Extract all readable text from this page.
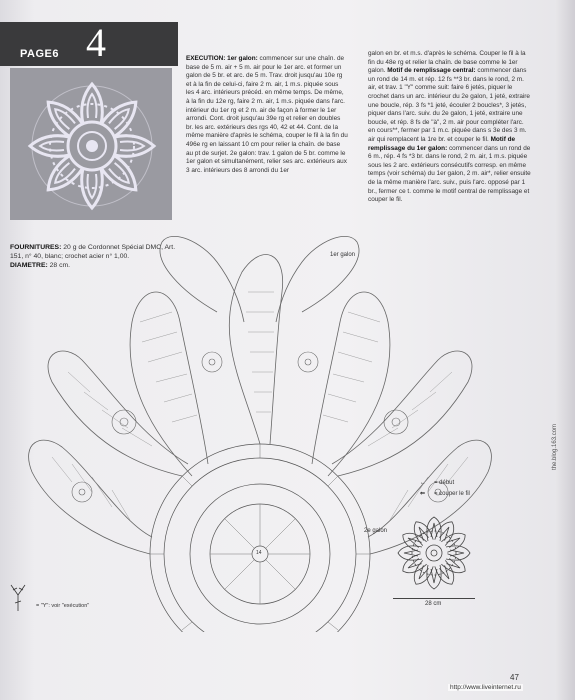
PAGE6 4	EXECUTION: 1er galon: commencer sur une chaîn. de base de 5 m. air + 5 m. air pour le 1er arc. et former un galon de 5 br. et arc. de 5 m. Trav. droit jusqu'au 10e rg et à la fin de celui-ci, faire 2 m. air, 1 m.s. piquée sous les 4 arc. intérieurs précéd. en même temps. De même, à la fin du 12e rg, faire 2 m. air, 1 m.s. piquée dans l'arc. intérieur du 1er rg et 2 m. air de façon à former le 1er arrondi. Cont. droit jusqu'au 39e rg et relier en doubles br. les arc. extérieurs des rgs 40, 42 et 44. Cont. de la même manière d'après le schéma, couper le fil à la fin du 496e rg en laissant 10 cm pour relier la chaîn. de base au pt de surjet. 2e galon: trav. 1 galon de 5 br. comme le 1er galon et simultanément, relier ses arc. extérieurs aux 3 arc. intérieurs des 8 arrondi du 1er
galon en br. et m.s. d'après le schéma. Couper le fil à la fin du 48e rg et relier la chaîn. de base comme le 1er galon. Motif de remplissage central: commencer dans un rond de 14 m. et rép. 12 fs **3 br. dans le rond, 2 m. air, et trav. 1 "Y" comme suit: faire 6 jetés, piquer le crochet dans un arc. intérieur du 2e galon, 1 jeté, extraire une boucle, rép. 3 fs *1 jeté, écouler 2 boucles*, 3 jetés, piquer dans l'arc. suiv. du 2e galon, 1 jeté, extraire une boucle, et rép. 8 fs de "à", 2 m. air pour compléter l'arc. en cours**, fermer par 1 m.c. piquée dans s 3e des 3 m. air qui remplacent la 1re br. et couper le fil. Motif de remplissage du 1er galon: commencer dans un rond de 6 m., rép. 4 fs *3 br. dans le rond, 2 m. air, 1 m.s. piquée sous les 2 arc. extérieurs consécutifs corresp. en même temps (voir schéma) du 1er galon, 2 m. air*, relier ensuite de la même manière l'arc. suiv., puis l'arc. opposé par 1 br., fermer ce t. comme le motif central de remplissage et couper le fil.
FOURNITURES: 20 g de Cordonnet Spécial DMC, Art. 151, n° 40, blanc; crochet acier n° 1,00.
DIAMETRE: 28 cm.
1er galon
2e galon
14
← = début
⇐ = couper le fil
28 cm
= "Y": voir "exécution"
the.blog.163.com
47
http://www.liveinternet.ru
